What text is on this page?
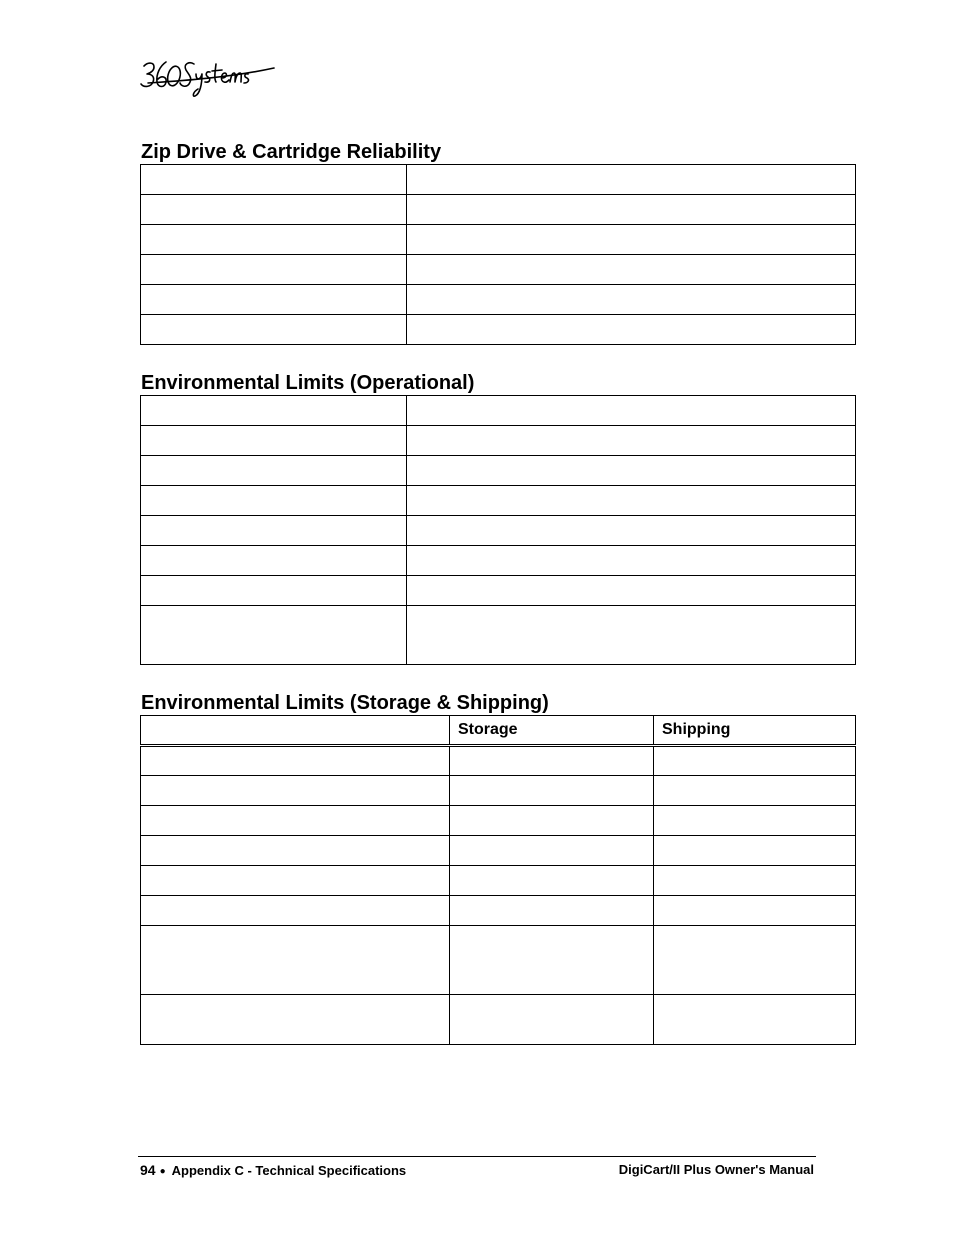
Zip Drive & Cartridge Reliability

Environmental Limits (Operational)

Environmental Limits (Storage & Shipping)
	Storage	Shipping

94 ● Appendix C - Technical Specifications	DigiCart/II Plus Owner's Manual
